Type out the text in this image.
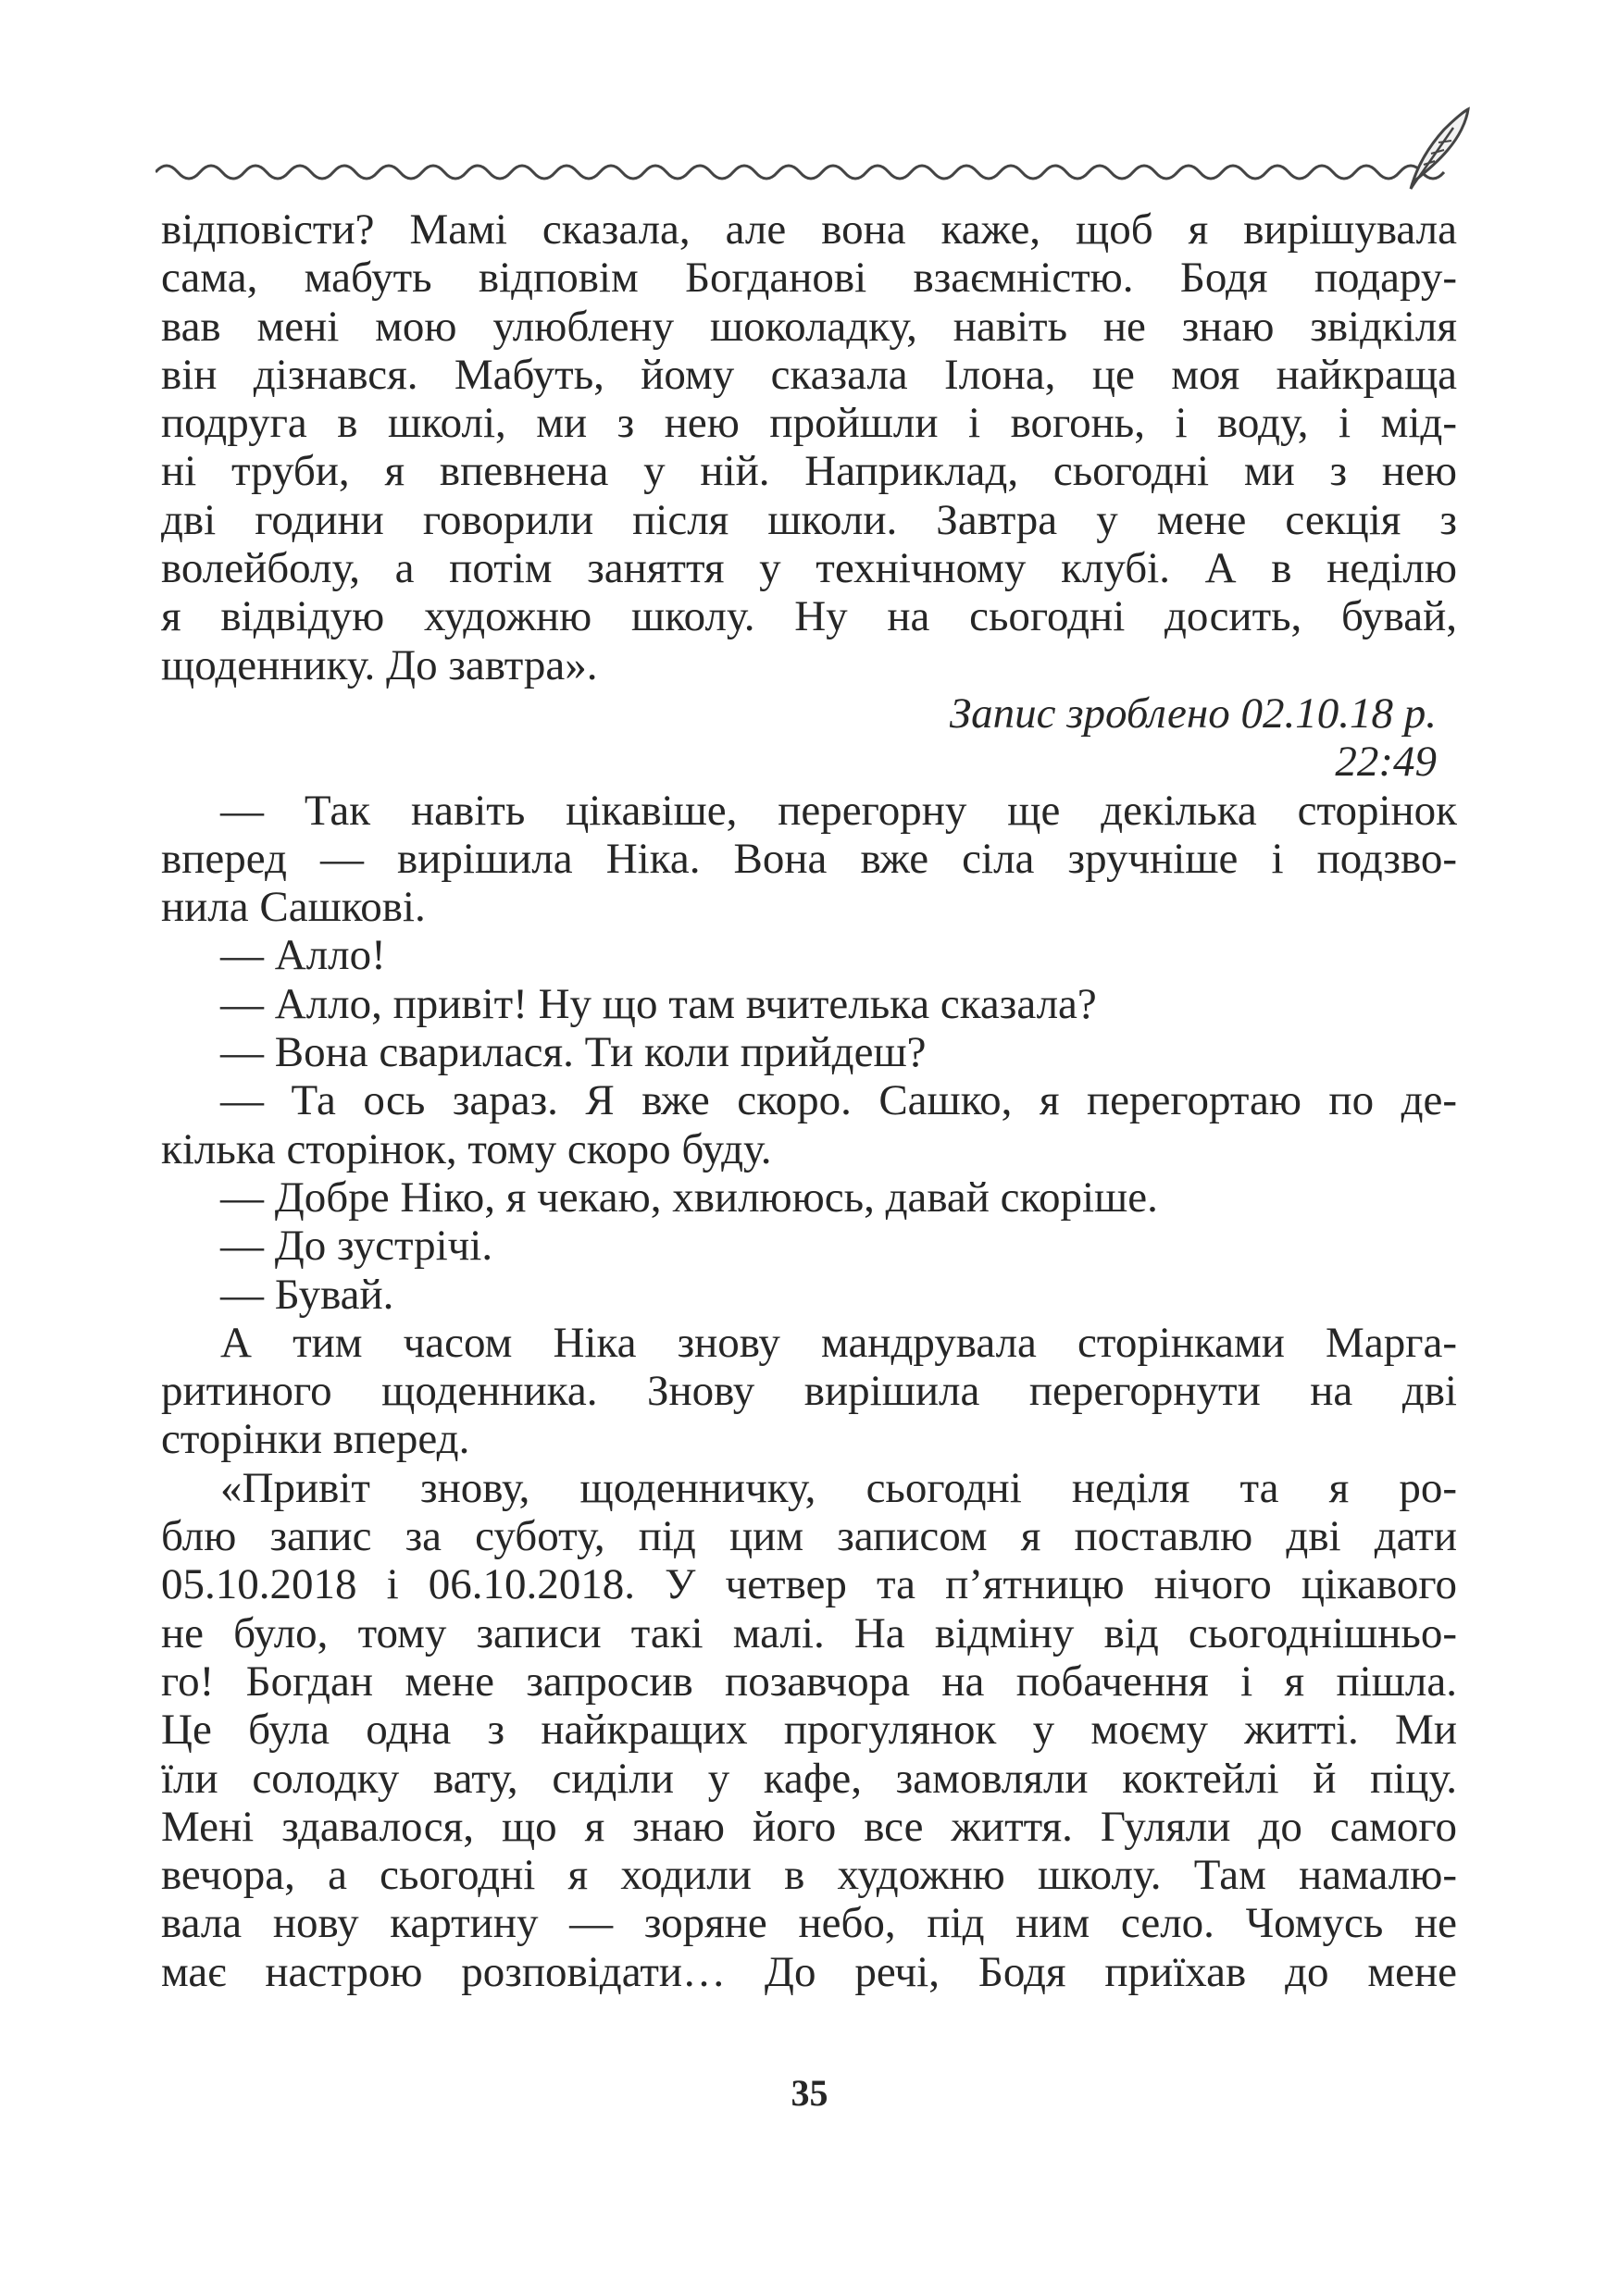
відповісти? Мамі сказала, але вона каже, щоб я вирішувала
сама, мабуть відповім Богданові взаємністю. Бодя подару-
вав мені мою улюблену шоколадку, навіть не знаю звідкіля
він дізнався. Мабуть, йому сказала Ілона, це моя найкраща
подруга в школі, ми з нею пройшли і вогонь, і воду, і мід-
ні труби, я впевнена у ній. Наприклад, сьогодні ми з нею
дві години говорили після школи. Завтра у мене секція з
волейболу, а потім заняття у технічному клубі. А в неділю
я відвідую художню школу. Ну на сьогодні досить, бувай,
щоденнику. До завтра».
Запис зроблено 02.10.18 р.
22:49
— Так навіть цікавіше, перегорну ще декілька сторінок
вперед — вирішила Ніка. Вона вже сіла зручніше і подзво-
нила Сашкові.
— Алло!
— Алло, привіт! Ну що там вчителька сказала?
— Вона сварилася. Ти коли прийдеш?
— Та ось зараз. Я вже скоро. Сашко, я перегортаю по де-
кілька сторінок, тому скоро буду.
— Добре Ніко, я чекаю, хвилююсь, давай скоріше.
— До зустрічі.
— Бувай.
А тим часом Ніка знову мандрувала сторінками Марга-
ритиного щоденника. Знову вирішила перегорнути на дві
сторінки вперед.
«Привіт знову, щоденничку, сьогодні неділя та я ро-
блю запис за суботу, під цим записом я поставлю дві дати
05.10.2018 і 06.10.2018. У четвер та п’ятницю нічого цікавого
не було, тому записи такі малі. На відміну від сьогоднішньо-
го! Богдан мене запросив позавчора на побачення і я пішла.
Це була одна з найкращих прогулянок у моєму житті. Ми
їли солодку вату, сиділи у кафе, замовляли коктейлі й піцу.
Мені здавалося, що я знаю його все життя. Гуляли до самого
вечора, а сьогодні я ходили в художню школу. Там намалю-
вала нову картину — зоряне небо, під ним село. Чомусь не
має настрою розповідати… До речі, Бодя приїхав до мене
35
